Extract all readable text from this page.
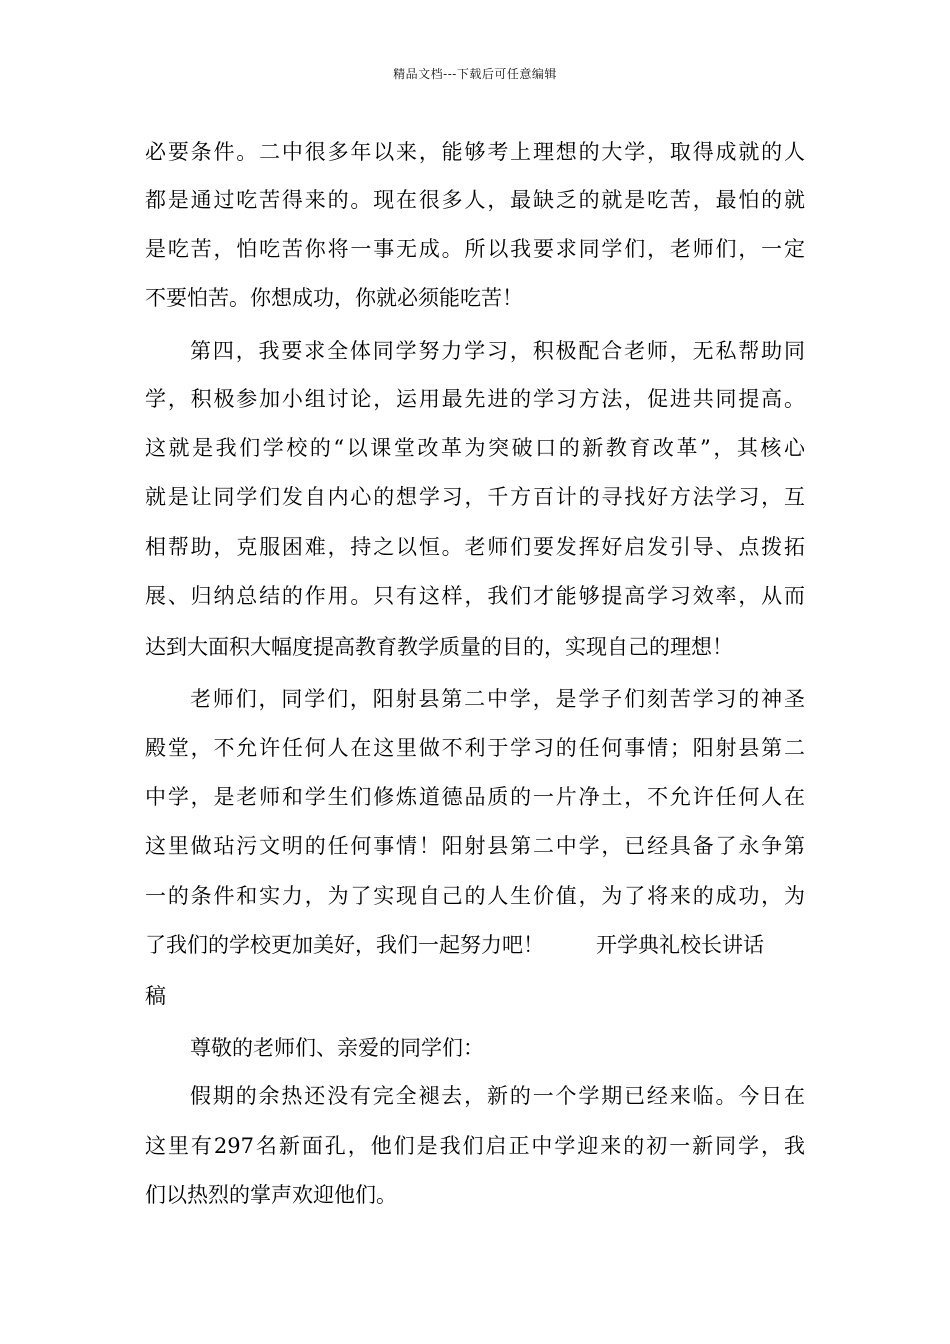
精品文档---下载后可任意编辑
必要条件。二中很多年以来，能够考上理想的大学，取得成就的人
都是通过吃苦得来的。现在很多人，最缺乏的就是吃苦，最怕的就
是吃苦，怕吃苦你将一事无成。所以我要求同学们，老师们，一定
不要怕苦。你想成功，你就必须能吃苦！
第四，我要求全体同学努力学习，积极配合老师，无私帮助同
学，积极参加小组讨论，运用最先进的学习方法，促进共同提高。
这就是我们学校的“以课堂改革为突破口的新教育改革”，其核心
就是让同学们发自内心的想学习，千方百计的寻找好方法学习，互
相帮助，克服困难，持之以恒。老师们要发挥好启发引导、点拨拓
展、归纳总结的作用。只有这样，我们才能够提高学习效率，从而
达到大面积大幅度提高教育教学质量的目的，实现自己的理想！
老师们，同学们，阳射县第二中学，是学子们刻苦学习的神圣
殿堂，不允许任何人在这里做不利于学习的任何事情；阳射县第二
中学，是老师和学生们修炼道德品质的一片净土，不允许任何人在
这里做玷污文明的任何事情！阳射县第二中学，已经具备了永争第
一的条件和实力，为了实现自己的人生价值，为了将来的成功，为
了我们的学校更加美好，我们一起努力吧！ 开学典礼校长讲话
稿
尊敬的老师们、亲爱的同学们：
假期的余热还没有完全褪去，新的一个学期已经来临。今日在
这里有297名新面孔，他们是我们启正中学迎来的初一新同学，我
们以热烈的掌声欢迎他们。
